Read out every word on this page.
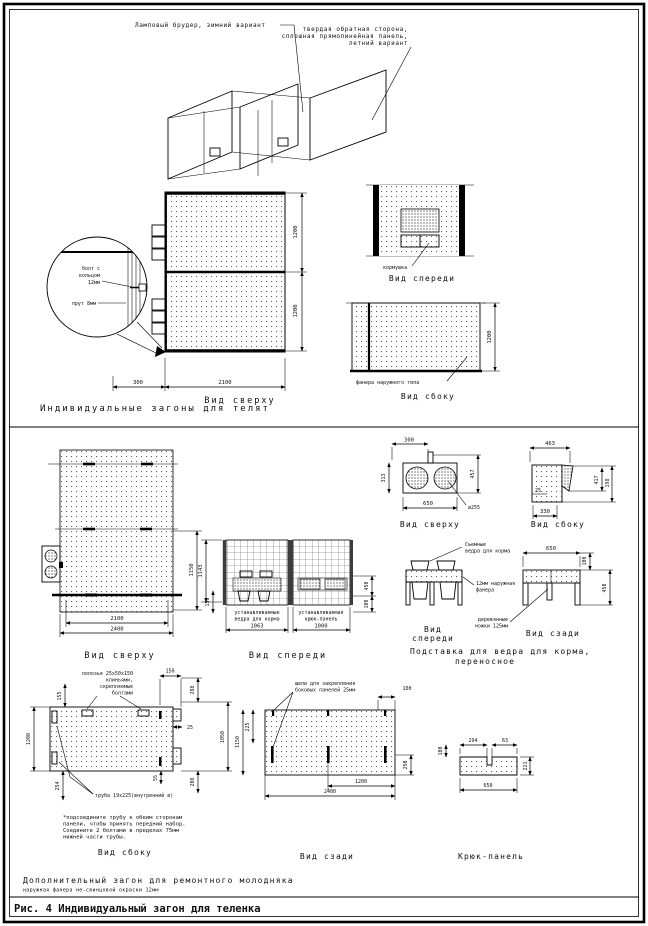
Ламповый брудер, зимний вариант
твердая обратная сторона,
сплошная прямолинейная панель,
летний вариант
болт с
кольцом
12мм
прут 8мм
1200
1200
300	2100
Вид сверху
кормушка
Вид спереди
1200
фанера наружного типа
Вид сбоку
Индивидуальные загоны для телят
2100
2400
1150
Вид сверху
устанавливаемые
ведра для корма
устанавливаемая
крюк-панель
1063	1000
1143
150
450
100
Вид спереди
300
457
313
650
ø255
Вид сверху
463
330
25
417 198
Вид сбоку
Съемные
ведра для корма
12мм наружная
фанера
Вид
спереди
650
100
450
деревянные
ножки 125мм
Вид сзади
Подставка для ведра для корма,
переносное
полозья 25х50х150
клиньями,
скрепляемые
болтами
труба 19х225(внутренний ø)
150
155
288
25
1050
55	208
254
1200
*подсоедините трубу к обеим сторонам
панели, чтобы принять передний набор.
Соедините 2 болтами в пределах 75мм
нижней части трубы.
Вид сбоку
щели для закрепления
боковых панелей 25мм	100
225
1150
1200
2400
250
Вид сзади
294	63
650
221
100
Крюк-панель
Дополнительный загон для ремонтного молодняка
наружная фанера не-свинцовой окраски 12мм
Рис. 4 Индивидуальный загон для теленка
